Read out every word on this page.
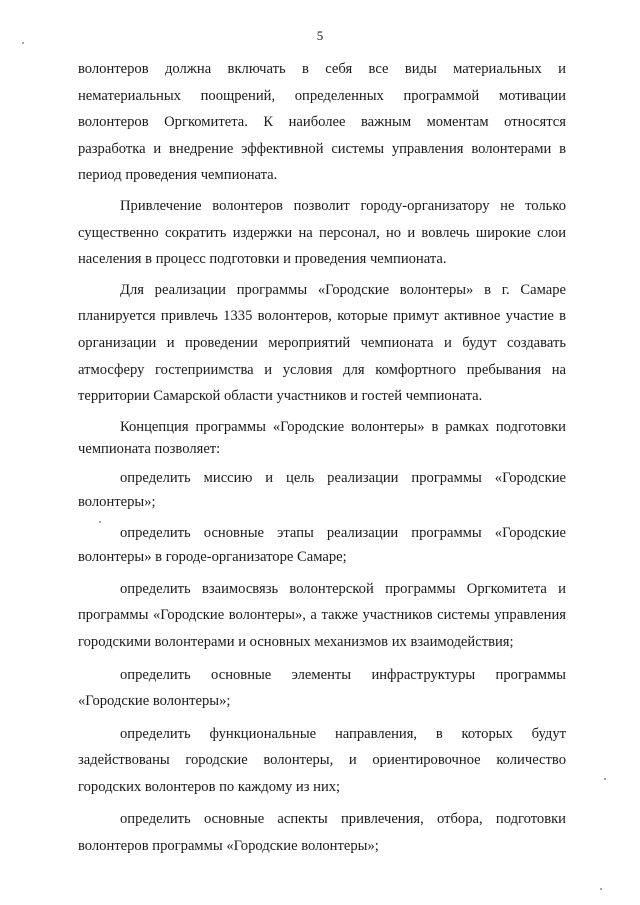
5

волонтеров должна включать в себя все виды материальных и нематериальных поощрений, определенных программой мотивации волонтеров Оргкомитета. К наиболее важным моментам относятся разработка и внедрение эффективной системы управления волонтерами в период проведения чемпионата.

Привлечение волонтеров позволит городу-организатору не только существенно сократить издержки на персонал, но и вовлечь широкие слои населения в процесс подготовки и проведения чемпионата.

Для реализации программы «Городские волонтеры» в г. Самаре планируется привлечь 1335 волонтеров, которые примут активное участие в организации и проведении мероприятий чемпионата и будут создавать атмосферу гостеприимства и условия для комфортного пребывания на территории Самарской области участников и гостей чемпионата.

Концепция программы «Городские волонтеры» в рамках подготовки чемпионата позволяет:

определить миссию и цель реализации программы «Городские волонтеры»;

определить основные этапы реализации программы «Городские волонтеры» в городе-организаторе Самаре;

определить взаимосвязь волонтерской программы Оргкомитета и программы «Городские волонтеры», а также участников системы управления городскими волонтерами и основных механизмов их взаимодействия;

определить основные элементы инфраструктуры программы «Городские волонтеры»;

определить функциональные направления, в которых будут задействованы городские волонтеры, и ориентировочное количество городских волонтеров по каждому из них;

определить основные аспекты привлечения, отбора, подготовки волонтеров программы «Городские волонтеры»;
